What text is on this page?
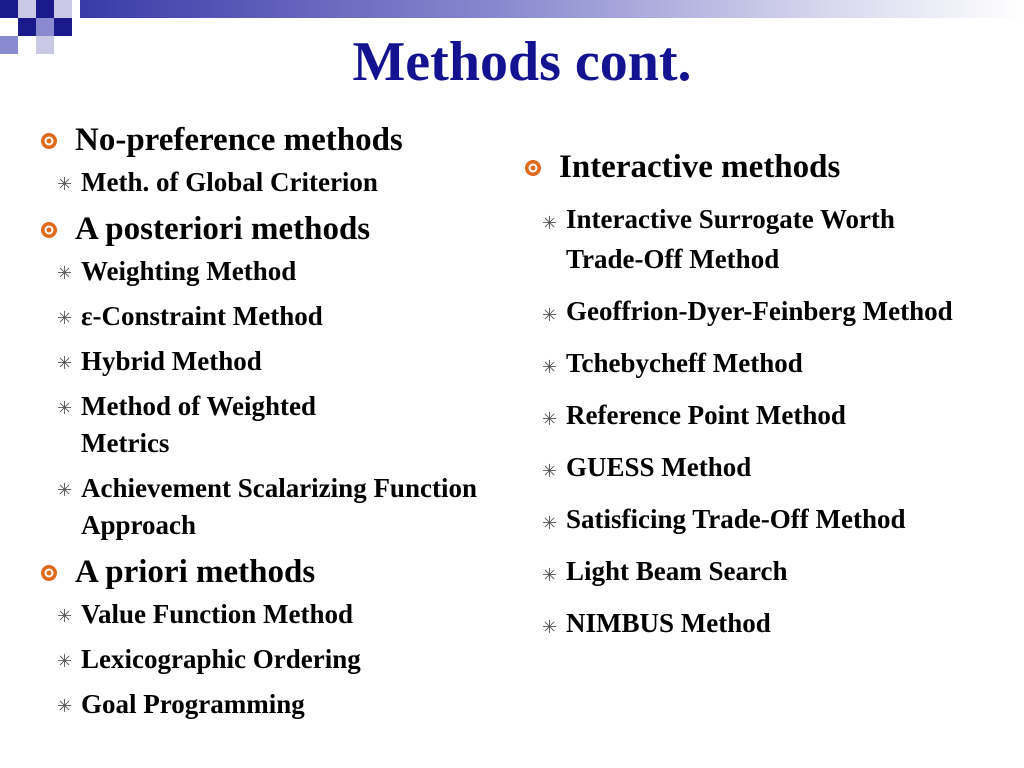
Methods cont.
No-preference methods
✳ Meth. of Global Criterion
A posteriori methods
✳ Weighting Method
✳ ε-Constraint Method
✳ Hybrid Method
✳ Method of Weighted Metrics
✳ Achievement Scalarizing Function Approach
A priori methods
✳ Value Function Method
✳ Lexicographic Ordering
✳ Goal Programming
Interactive methods
✳ Interactive Surrogate Worth Trade-Off Method
✳ Geoffrion-Dyer-Feinberg Method
✳ Tchebycheff Method
✳ Reference Point Method
✳ GUESS Method
✳ Satisficing Trade-Off Method
✳ Light Beam Search
✳ NIMBUS Method
